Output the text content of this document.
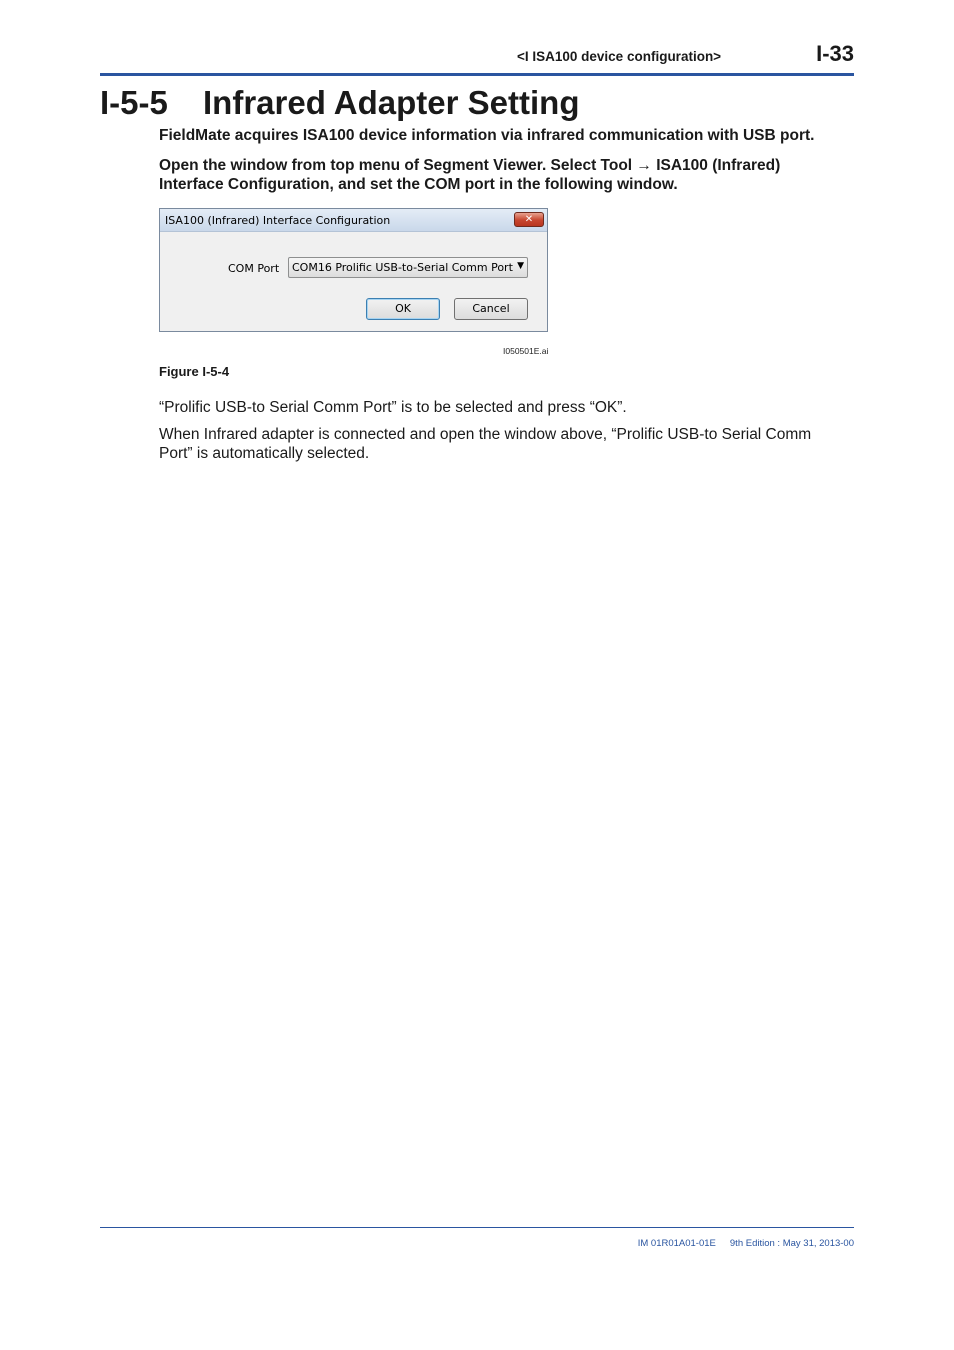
<I ISA100 device configuration>	I-33
I-5-5 Infrared Adapter Setting
FieldMate acquires ISA100 device information via infrared communication with USB port.
Open the window from top menu of Segment Viewer. Select Tool → ISA100 (Infrared) Interface Configuration, and set the COM port in the following window.
ISA100 (Infrared) Interface Configuration	✕
COM Port COM16 Prolific USB-to-Serial Comm Port ▼
OK	Cancel
I050501E.ai
Figure I-5-4
“Prolific USB-to Serial Comm Port” is to be selected and press “OK”.
When Infrared adapter is connected and open the window above, “Prolific USB-to Serial Comm Port” is automatically selected.
IM 01R01A01-01E 9th Edition : May 31, 2013-00
